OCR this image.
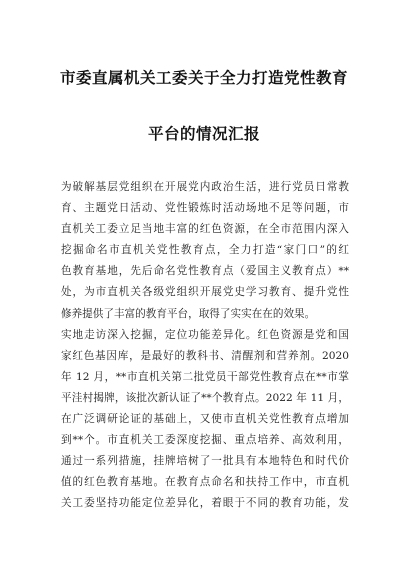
市委直属机关工委关于全力打造党性教育
平台的情况汇报
为破解基层党组织在开展党内政治生活，进行党员日常教
育、主题党日活动、党性锻炼时活动场地不足等问题，市
直机关工委立足当地丰富的红色资源，在全市范围内深入
挖掘命名市直机关党性教育点，全力打造“家门口”的红
色教育基地，先后命名党性教育点（爱国主义教育点）**
处，为市直机关各级党组织开展党史学习教育、提升党性
修养提供了丰富的教育平台，取得了实实在在的效果。
实地走访深入挖掘，定位功能差异化。红色资源是党和国
家红色基因库，是最好的教科书、清醒剂和营养剂。2020
年 12 月，**市直机关第二批党员干部党性教育点在**市掌
平洼村揭牌，该批次新认证了**个教育点。2022 年 11 月，
在广泛调研论证的基础上，又使市直机关党性教育点增加
到**个。市直机关工委深度挖掘、重点培养、高效利用，
通过一系列措施，挂牌培树了一批具有本地特色和时代价
值的红色教育基地。在教育点命名和扶持工作中，市直机
关工委坚持功能定位差异化，着眼于不同的教育功能，发
